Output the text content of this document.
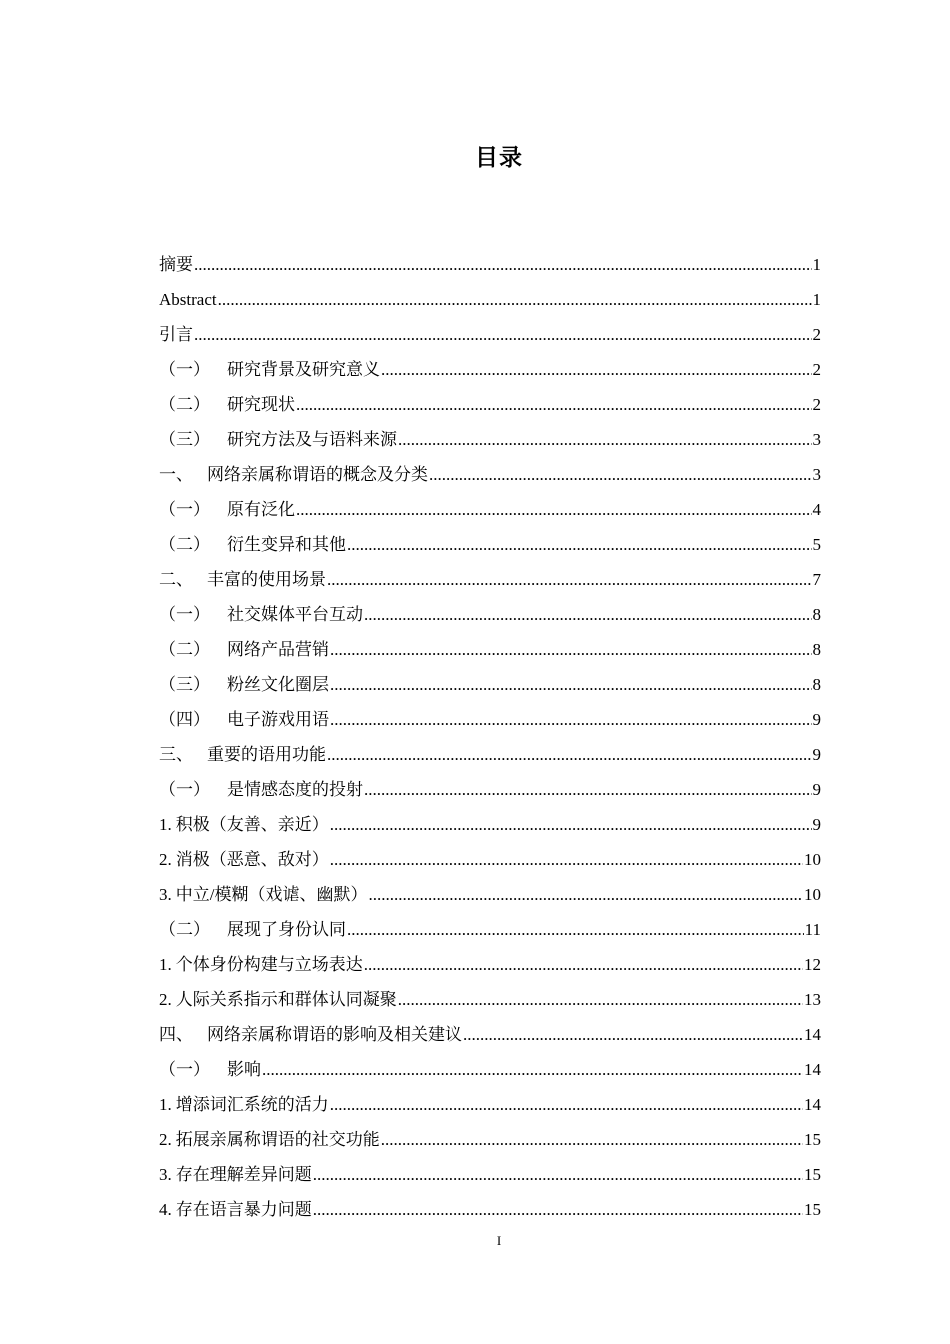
目录
摘要 .....	1
Abstract .....	1
引言 .....	2
（一）	研究背景及研究意义 .....	2
（二）	研究现状 .....	2
（三）	研究方法及与语料来源 .....	3
一、 网络亲属称谓语的概念及分类 .....	3
（一）	原有泛化 .....	4
（二）	衍生变异和其他 .....	5
二、 丰富的使用场景 .....	7
（一）	社交媒体平台互动 .....	8
（二）	网络产品营销 .....	8
（三）	粉丝文化圈层 .....	8
（四）	电子游戏用语 .....	9
三、 重要的语用功能 .....	9
（一）	是情感态度的投射 .....	9
1. 积极（友善、亲近） .....	9
2. 消极（恶意、敌对） .....	10
3. 中立/模糊（戏谑、幽默） .....	10
（二）	展现了身份认同 .....	11
1. 个体身份构建与立场表达 .....	12
2. 人际关系指示和群体认同凝聚 .....	13
四、 网络亲属称谓语的影响及相关建议 .....	14
（一）	影响 .....	14
1. 增添词汇系统的活力 .....	14
2. 拓展亲属称谓语的社交功能 .....	15
3. 存在理解差异问题 .....	15
4. 存在语言暴力问题 .....	15
I
